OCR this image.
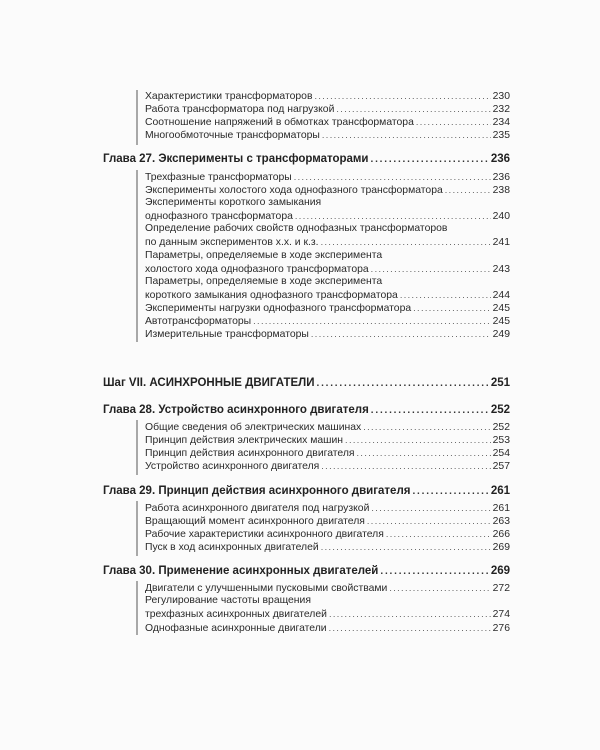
Характеристики трансформаторов .....	230
Работа трансформатора под нагрузкой .....	232
Соотношение напряжений в обмотках трансформатора .....	234
Многообмоточные трансформаторы .....	235
Глава 27. Эксперименты с трансформаторами .....	236
Трехфазные трансформаторы .....	236
Эксперименты холостого хода однофазного трансформатора .....	238
Эксперименты короткого замыкания
однофазного трансформатора .....	240
Определение рабочих свойств однофазных трансформаторов
по данным экспериментов х.х. и к.з. .....	241
Параметры, определяемые в ходе эксперимента
холостого хода однофазного трансформатора .....	243
Параметры, определяемые в ходе эксперимента
короткого замыкания однофазного трансформатора .....	244
Эксперименты нагрузки однофазного трансформатора .....	245
Автотрансформаторы .....	245
Измерительные трансформаторы .....	249
Шаг VII. АСИНХРОННЫЕ ДВИГАТЕЛИ .....	251
Глава 28. Устройство асинхронного двигателя .....	252
Общие сведения об электрических машинах .....	252
Принцип действия электрических машин .....	253
Принцип действия асинхронного двигателя .....	254
Устройство асинхронного двигателя .....	257
Глава 29. Принцип действия асинхронного двигателя .....	261
Работа асинхронного двигателя под нагрузкой .....	261
Вращающий момент асинхронного двигателя .....	263
Рабочие характеристики асинхронного двигателя .....	266
Пуск в ход асинхронных двигателей .....	269
Глава 30. Применение асинхронных двигателей .....	269
Двигатели с улучшенными пусковыми свойствами .....	272
Регулирование частоты вращения
трехфазных асинхронных двигателей .....	274
Однофазные асинхронные двигатели .....	276
